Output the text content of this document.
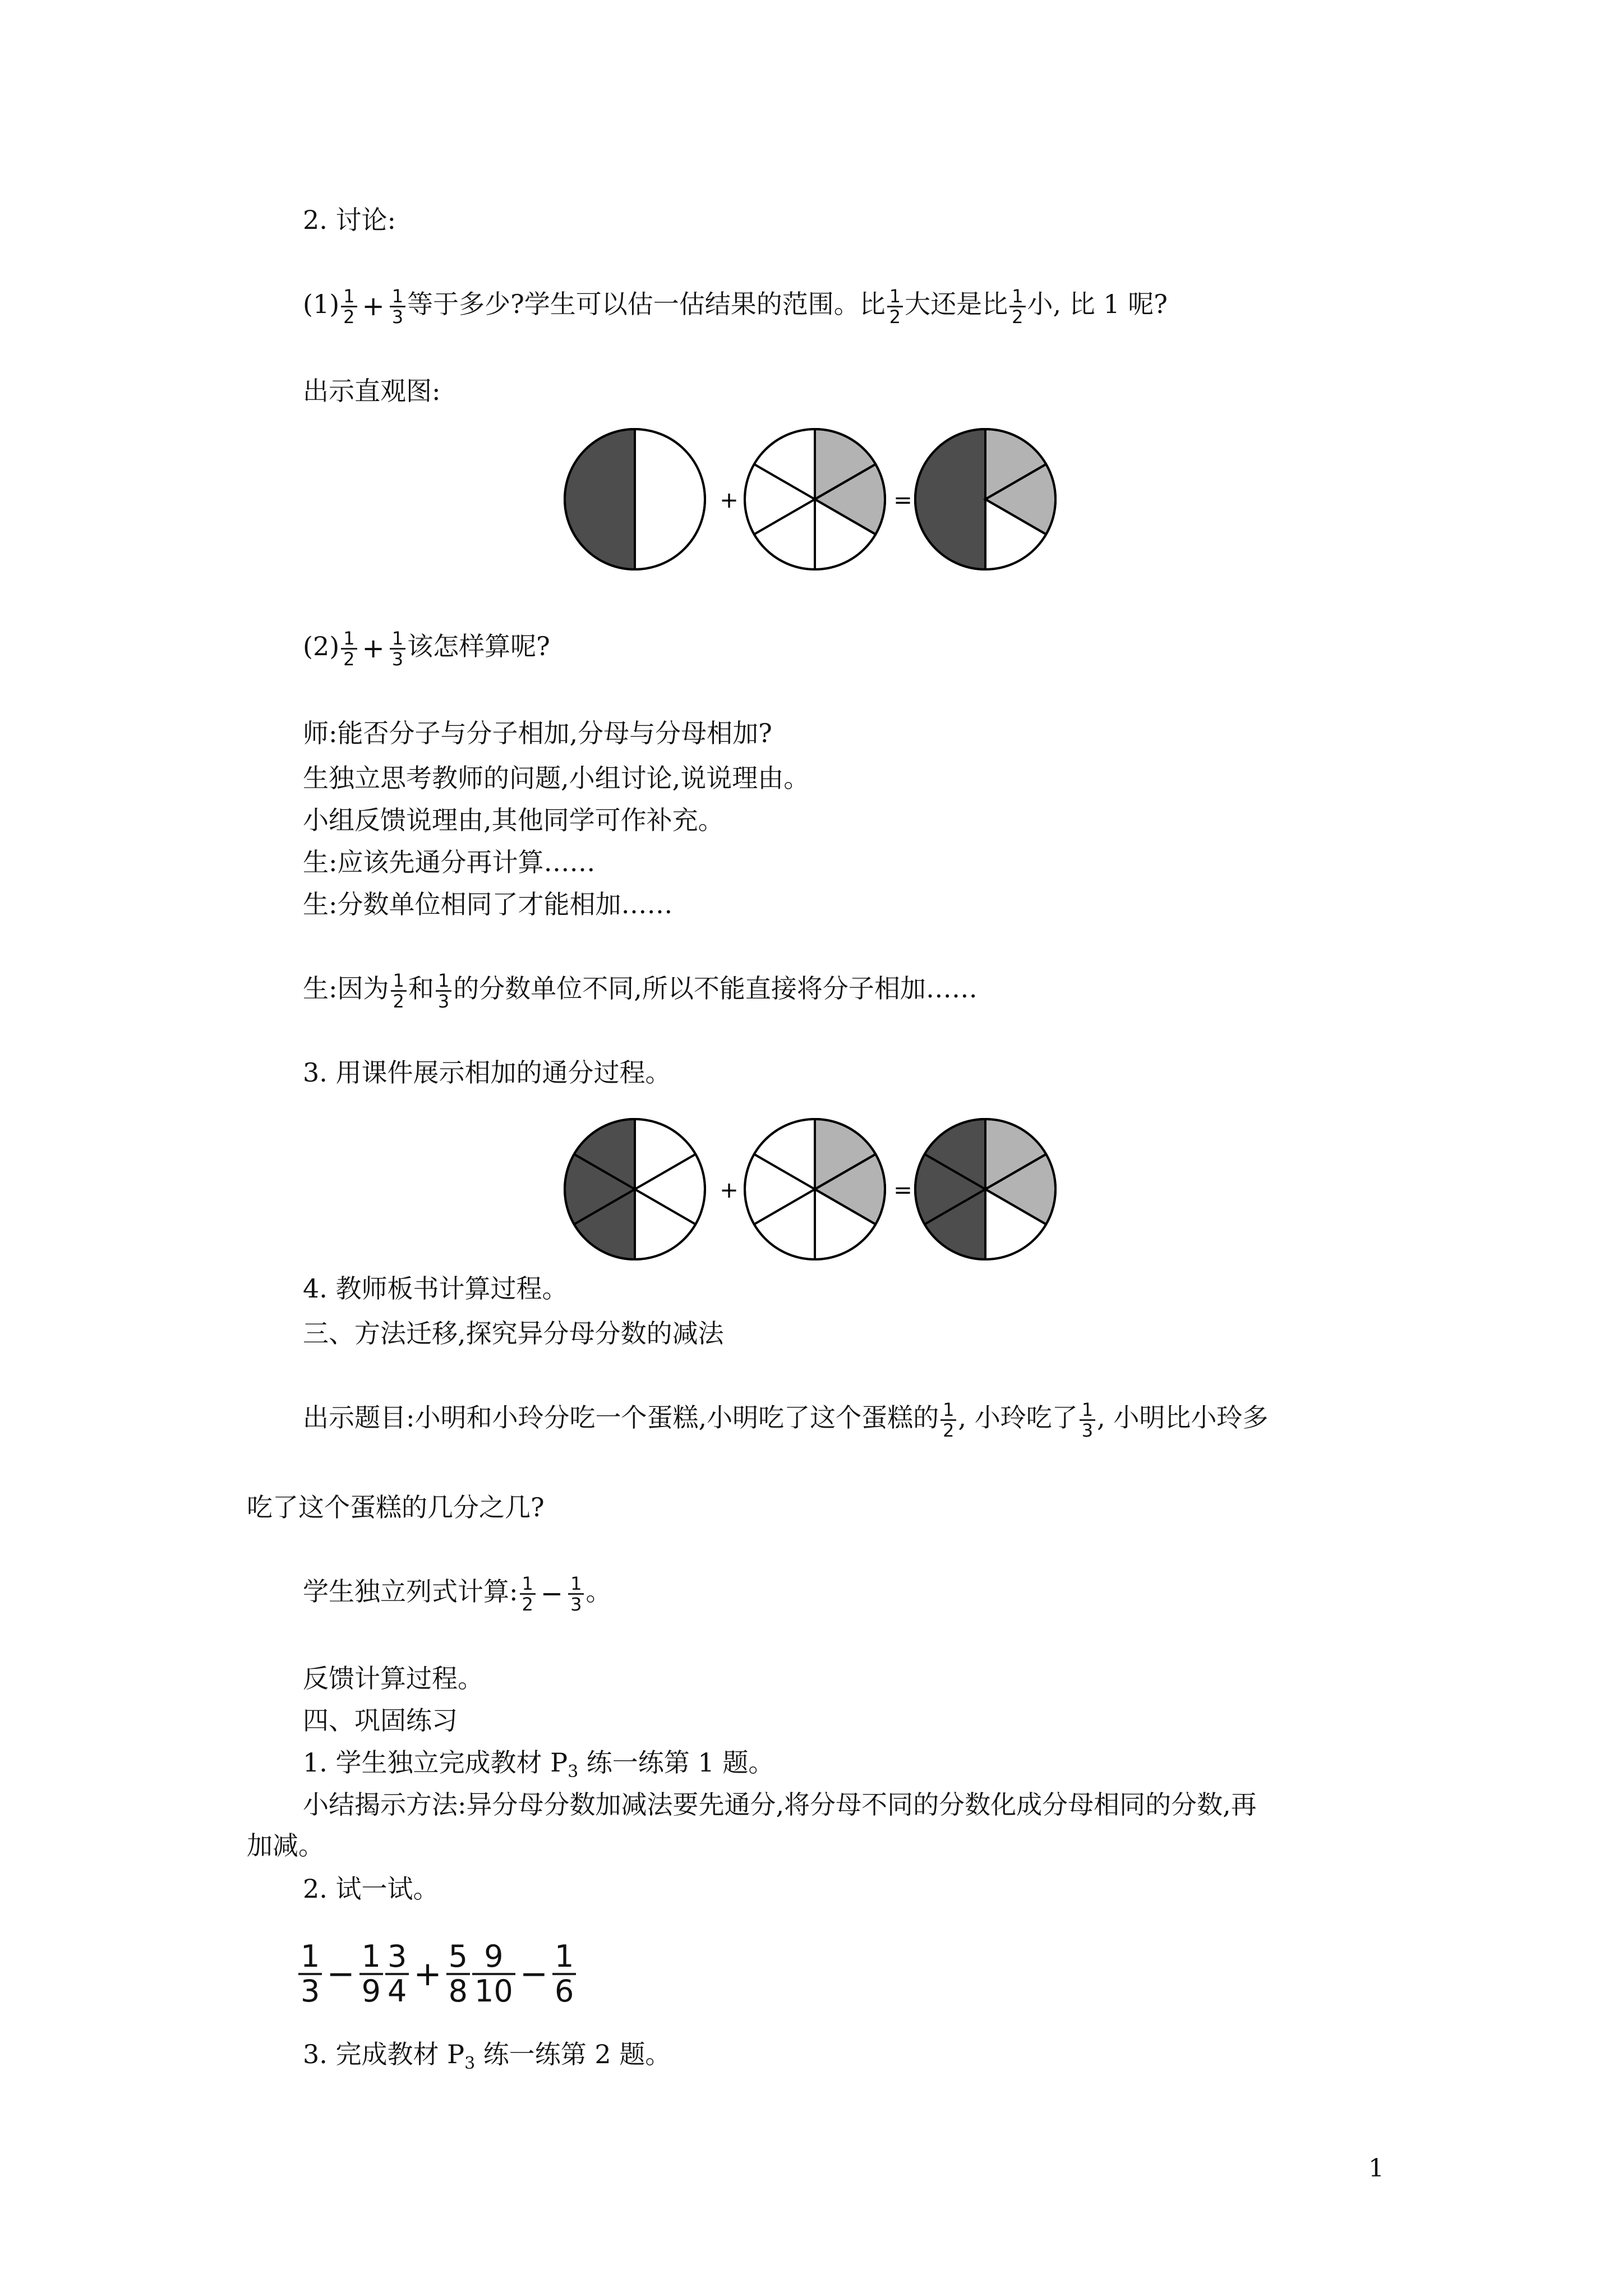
2. 讨论:
$(1) \frac{1}{2} + \frac{1}{3}$ 等于多少?学生可以估一估结果的范围。比 $\frac{1}{2}$ 大还是比 $\frac{1}{2}$ 小, 比 1 呢?
出示直观图:
+	=
$(2) \frac{1}{2} + \frac{1}{3}$ 该怎样算呢?
师:能否分子与分子相加,分母与分母相加?
生独立思考教师的问题,小组讨论,说说理由。
小组反馈说理由,其他同学可作补充。
生:应该先通分再计算……
生:分数单位相同了才能相加……
生:因为 $\frac{1}{2}$ 和 $\frac{1}{3}$ 的分数单位不同,所以不能直接将分子相加……
3. 用课件展示相加的通分过程。
+	=
4. 教师板书计算过程。
三、方法迁移,探究异分母分数的减法
出示题目:小明和小玲分吃一个蛋糕,小明吃了这个蛋糕的 $\frac{1}{2}$ , 小玲吃了 $\frac{1}{3}$ , 小明比小玲多
吃了这个蛋糕的几分之几?
学生独立列式计算: $\frac{1}{2} - \frac{1}{3}$ 。
反馈计算过程。
四、巩固练习
1. 学生独立完成教材 $P_3$ 练一练第 1 题。
小结揭示方法:异分母分数加减法要先通分,将分母不同的分数化成分母相同的分数,再
加减。
2. 试一试。
$\frac{1}{3} - \frac{1}{9} \frac{3}{4} + \frac{5}{8} \frac{9}{10} - \frac{1}{6}$
3. 完成教材 $P_3$ 练一练第 2 题。
1
